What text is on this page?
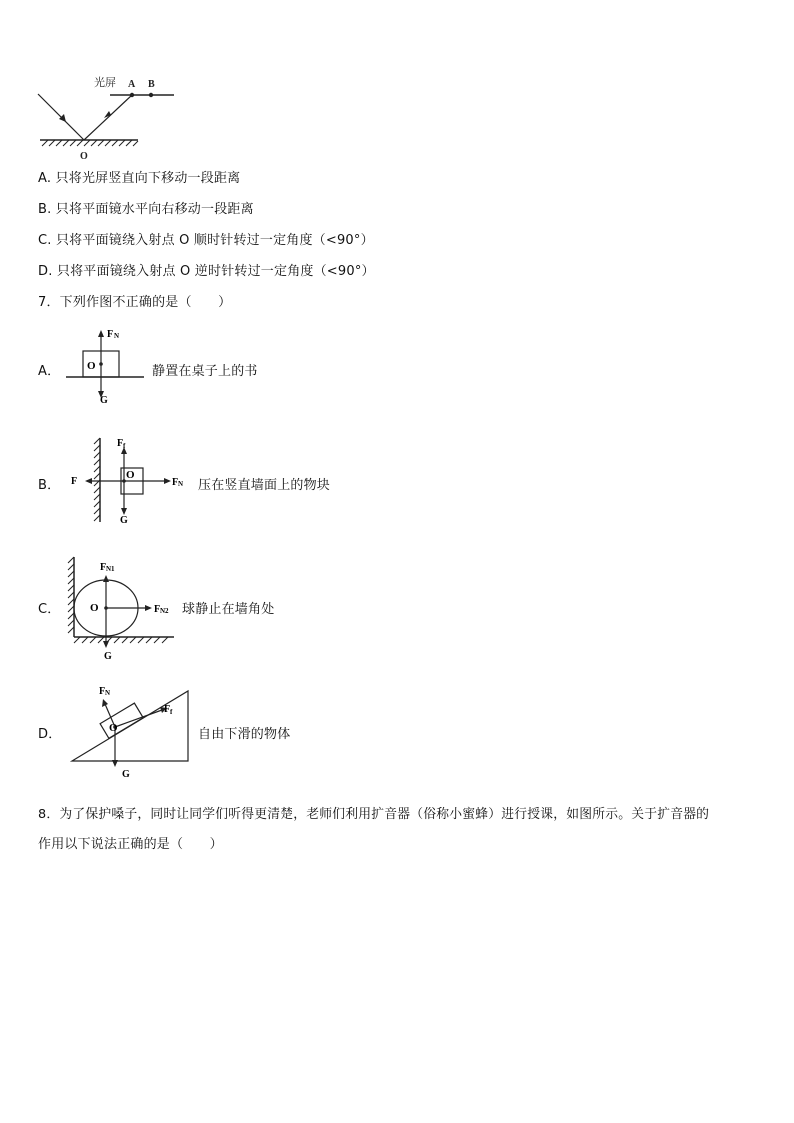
光屏 A B
O
A. 只将光屏竖直向下移动一段距离
B. 只将平面镜水平向右移动一段距离
C. 只将平面镜绕入射点 O 顺时针转过一定角度（<90°）
D. 只将平面镜绕入射点 O 逆时针转过一定角度（<90°）
7．下列作图不正确的是（　　）
A．
F N
O
G
静置在桌子上的书
B．
F f
O
F	F N
G
压在竖直墙面上的物块
C．
F N1
O	F N2
G
球静止在墙角处
D．
F N
O
F f
G
自由下滑的物体
8．为了保护嗓子，同时让同学们听得更清楚，老师们利用扩音器（俗称小蜜蜂）进行授课，如图所示。关于扩音器的
作用以下说法正确的是（　　）
